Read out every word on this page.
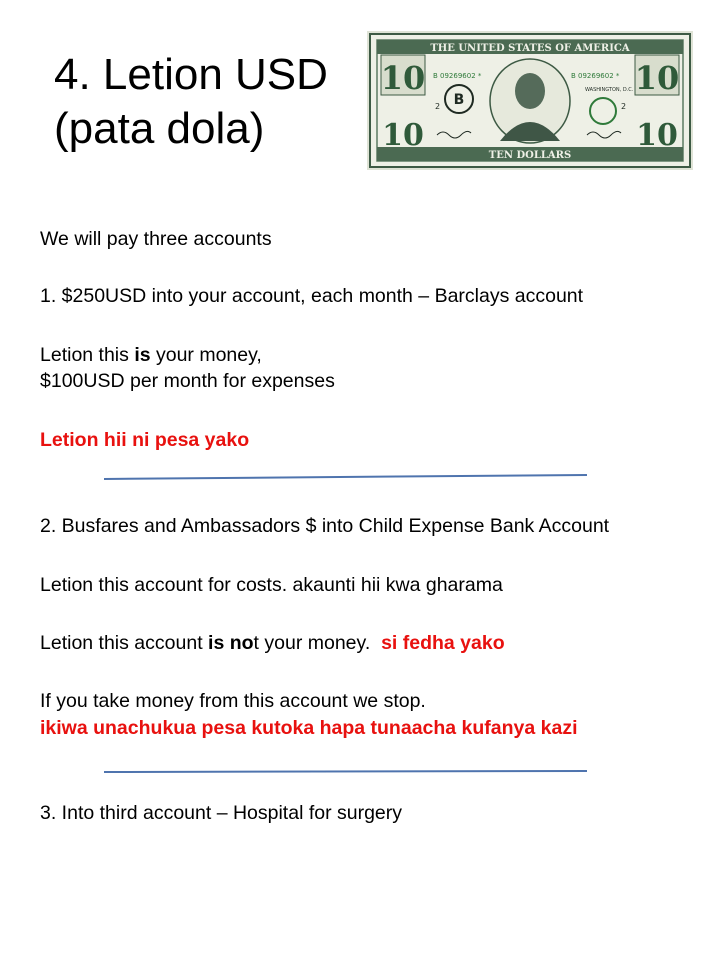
4. Letion USD
(pata dola)
THE UNITED STATES OF AMERICA
TEN DOLLARS
10	10
10	10
B
B 09269602 *	B 09269602 *
WASHINGTON, D.C.
2	2
We will pay three accounts
1. $250USD into your account, each month – Barclays account
Letion this is your money,
$100USD per month for expenses
Letion hii ni pesa yako
2. Busfares and Ambassadors $ into Child Expense Bank Account
Letion this account for costs. akaunti hii kwa gharama
Letion this account is not your money.  si fedha yako
If you take money from this account we stop.
ikiwa unachukua pesa kutoka hapa tunaacha kufanya kazi
3. Into third account – Hospital for surgery
